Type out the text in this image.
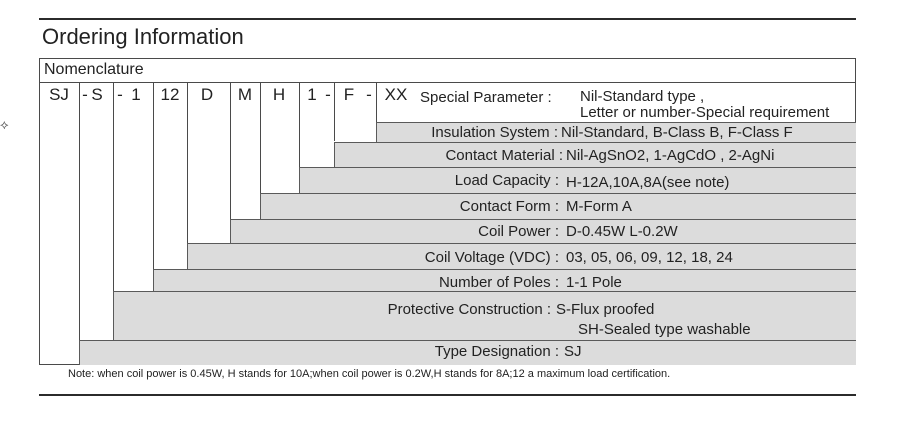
Ordering Information
Nomenclature
⟡
SJ - S - 1	12	D M H 1 - F - XX Special Parameter : Nil-Standard type ,
Letter or number-Special requirement
Insulation System : Nil-Standard, B-Class B, F-Class F
Contact Material : Nil-AgSnO2, 1-AgCdO , 2-AgNi
Load Capacity : H-12A,10A,8A(see note)
Contact Form : M-Form A
Coil Power : D-0.45W L-0.2W
Coil Voltage (VDC) : 03, 05, 06, 09, 12, 18, 24
Number of Poles : 1-1 Pole
Protective Construction : S-Flux proofed
SH-Sealed type washable
Type Designation : SJ
Note: when coil power is 0.45W, H stands for 10A;when coil power is 0.2W,H stands for 8A;12 a maximum load certification.
